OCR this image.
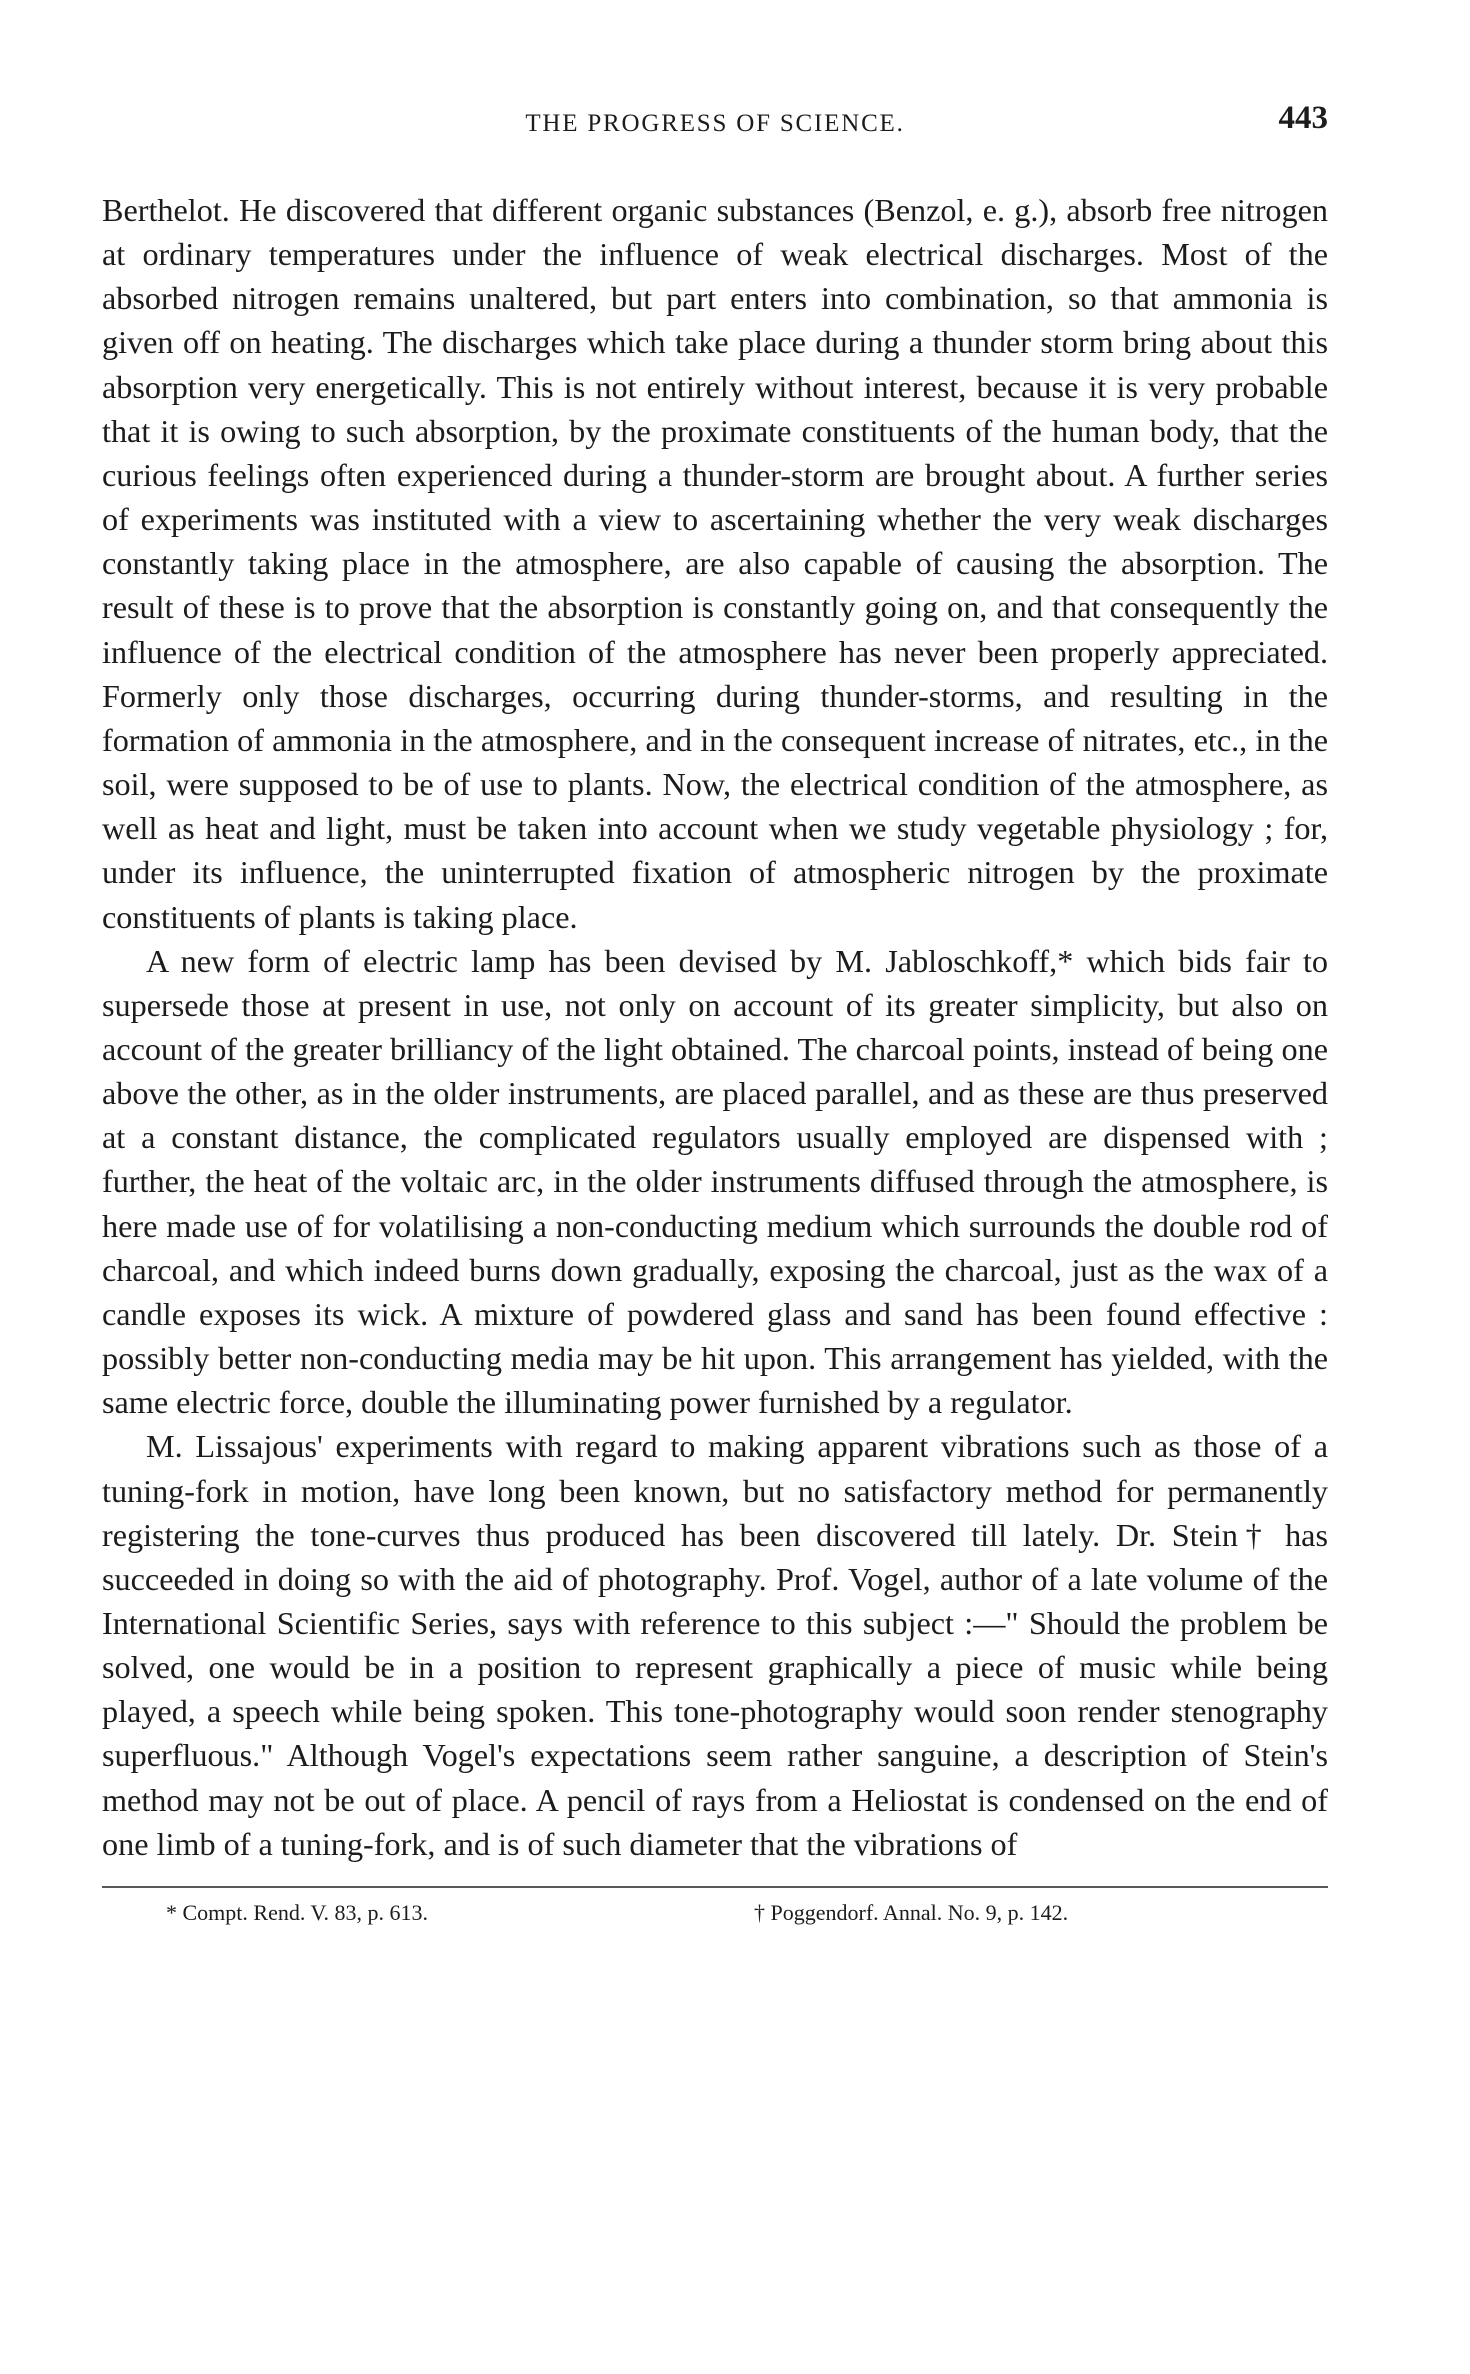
THE PROGRESS OF SCIENCE.	443

Berthelot. He discovered that different organic substances (Benzol, e. g.), absorb free nitrogen at ordinary temperatures under the influence of weak electrical discharges. Most of the absorbed nitrogen remains unaltered, but part enters into combination, so that ammonia is given off on heating. The discharges which take place during a thunder storm bring about this absorption very energetically. This is not entirely without interest, because it is very probable that it is owing to such absorption, by the proximate constituents of the human body, that the curious feelings often experienced during a thunder-storm are brought about. A further series of experiments was instituted with a view to ascertaining whether the very weak discharges constantly taking place in the atmosphere, are also capable of causing the absorption. The result of these is to prove that the absorption is constantly going on, and that consequently the influence of the electrical condition of the atmosphere has never been properly appreciated. Formerly only those discharges, occurring during thunder-storms, and resulting in the formation of ammonia in the atmosphere, and in the consequent increase of nitrates, etc., in the soil, were supposed to be of use to plants. Now, the electrical condition of the atmosphere, as well as heat and light, must be taken into account when we study vegetable physiology ; for, under its influence, the uninterrupted fixation of atmospheric nitrogen by the proximate constituents of plants is taking place.

A new form of electric lamp has been devised by M. Jabloschkoff,* which bids fair to supersede those at present in use, not only on account of its greater simplicity, but also on account of the greater brilliancy of the light obtained. The charcoal points, instead of being one above the other, as in the older instruments, are placed parallel, and as these are thus preserved at a constant distance, the complicated regulators usually employed are dispensed with ; further, the heat of the voltaic arc, in the older instruments diffused through the atmosphere, is here made use of for volatilising a non-conducting medium which surrounds the double rod of charcoal, and which indeed burns down gradually, exposing the charcoal, just as the wax of a candle exposes its wick. A mixture of powdered glass and sand has been found effective : possibly better non-conducting media may be hit upon. This arrangement has yielded, with the same electric force, double the illuminating power furnished by a regulator.

M. Lissajous' experiments with regard to making apparent vibrations such as those of a tuning-fork in motion, have long been known, but no satisfactory method for permanently registering the tone-curves thus produced has been discovered till lately. Dr. Stein† has succeeded in doing so with the aid of photography. Prof. Vogel, author of a late volume of the International Scientific Series, says with reference to this subject :—" Should the problem be solved, one would be in a position to represent graphically a piece of music while being played, a speech while being spoken. This tone-photography would soon render stenography superfluous." Although Vogel's expectations seem rather sanguine, a description of Stein's method may not be out of place. A pencil of rays from a Heliostat is condensed on the end of one limb of a tuning-fork, and is of such diameter that the vibrations of

* Compt. Rend. V. 83, p. 613.	† Poggendorf. Annal. No. 9, p. 142.
